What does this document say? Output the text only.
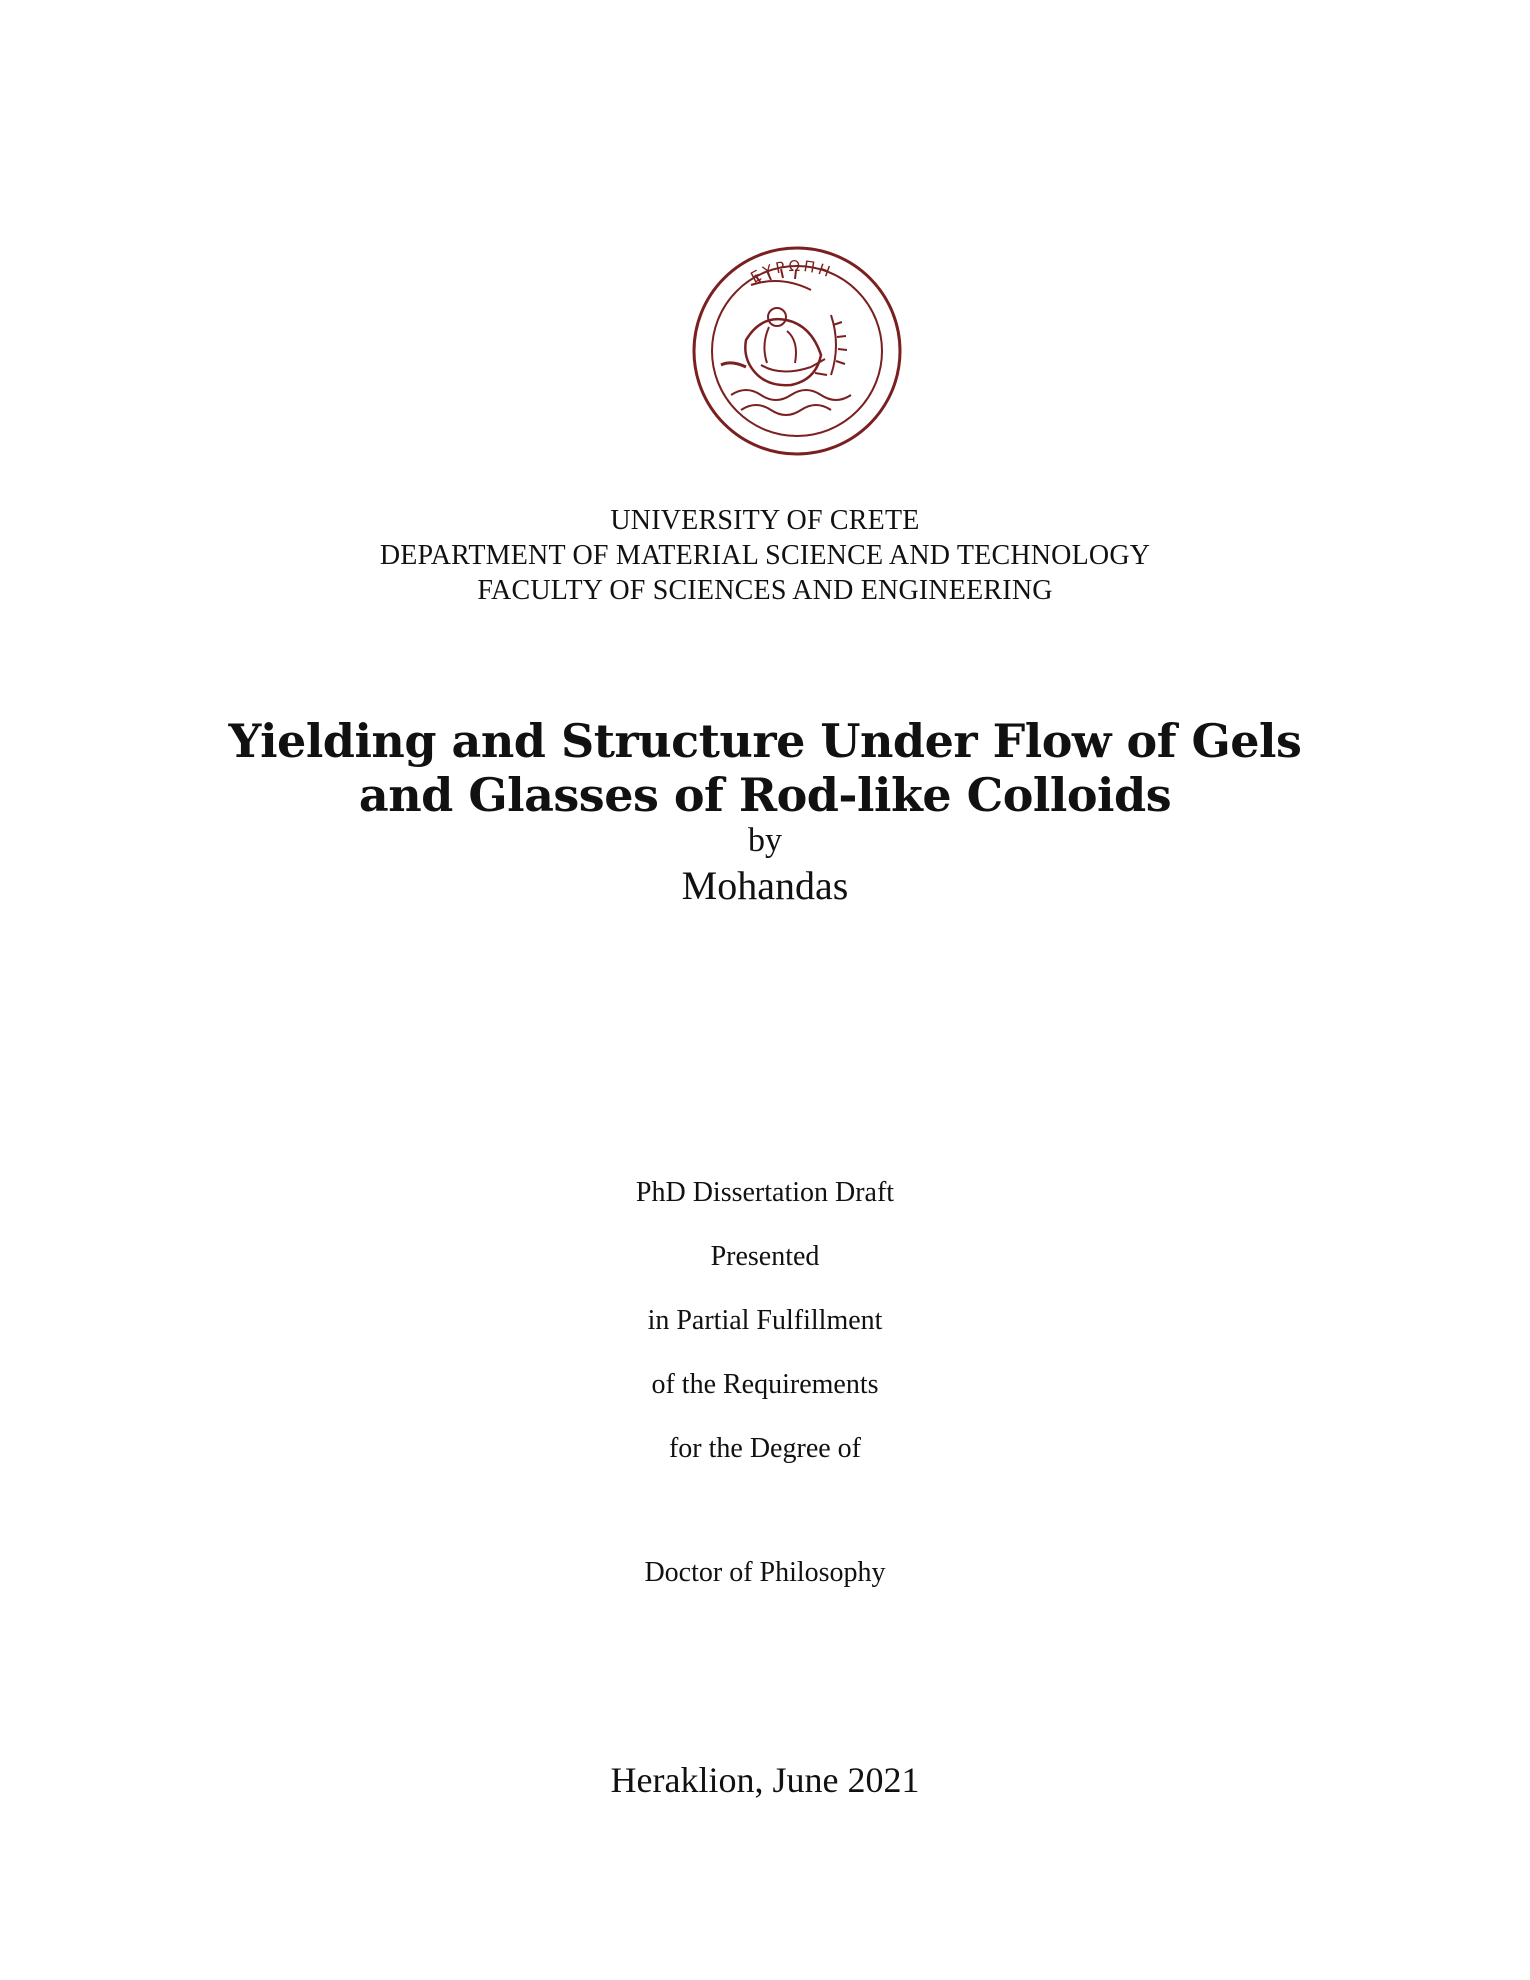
ΕΥΡΩΠΗ
UNIVERSITY OF CRETE
DEPARTMENT OF MATERIAL SCIENCE AND TECHNOLOGY
FACULTY OF SCIENCES AND ENGINEERING
Yielding and Structure Under Flow of Gels
and Glasses of Rod-like Colloids
by
Mohandas
PhD Dissertation Draft
Presented
in Partial Fulfillment
of the Requirements
for the Degree of
Doctor of Philosophy
Heraklion, June 2021
